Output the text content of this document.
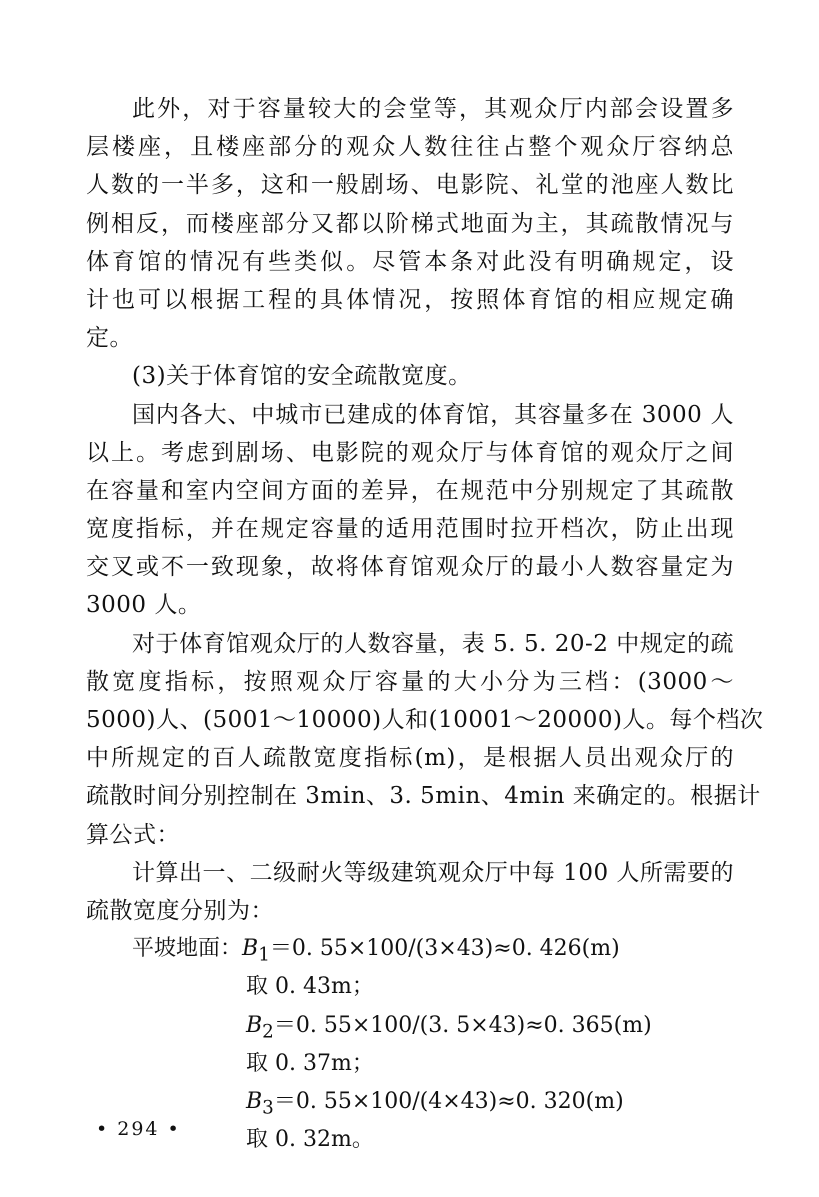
此外，对于容量较大的会堂等，其观众厅内部会设置多
层楼座，且楼座部分的观众人数往往占整个观众厅容纳总
人数的一半多，这和一般剧场、电影院、礼堂的池座人数比
例相反，而楼座部分又都以阶梯式地面为主，其疏散情况与
体育馆的情况有些类似。尽管本条对此没有明确规定，设
计也可以根据工程的具体情况，按照体育馆的相应规定确
定。
(3)关于体育馆的安全疏散宽度。
国内各大、中城市已建成的体育馆，其容量多在 3000 人
以上。考虑到剧场、电影院的观众厅与体育馆的观众厅之间
在容量和室内空间方面的差异，在规范中分别规定了其疏散
宽度指标，并在规定容量的适用范围时拉开档次，防止出现
交叉或不一致现象，故将体育馆观众厅的最小人数容量定为
3000 人。
对于体育馆观众厅的人数容量，表 5. 5. 20-2 中规定的疏
散宽度指标，按照观众厅容量的大小分为三档：(3000～
5000)人、(5001～10000)人和(10001～20000)人。每个档次
中所规定的百人疏散宽度指标(m)，是根据人员出观众厅的
疏散时间分别控制在 3min、3. 5min、4min 来确定的。根据计
算公式：
计算出一、二级耐火等级建筑观众厅中每 100 人所需要的
疏散宽度分别为：
平坡地面：$B_1=0$. 55×100/(3×43)≈0. 426(m)
取 0. 43m；
$B_2=0$. 55×100/(3. 5×43)≈0. 365(m)
取 0. 37m；
$B_3=0$. 55×100/(4×43)≈0. 320(m)
取 0. 32m。
• 294 •
